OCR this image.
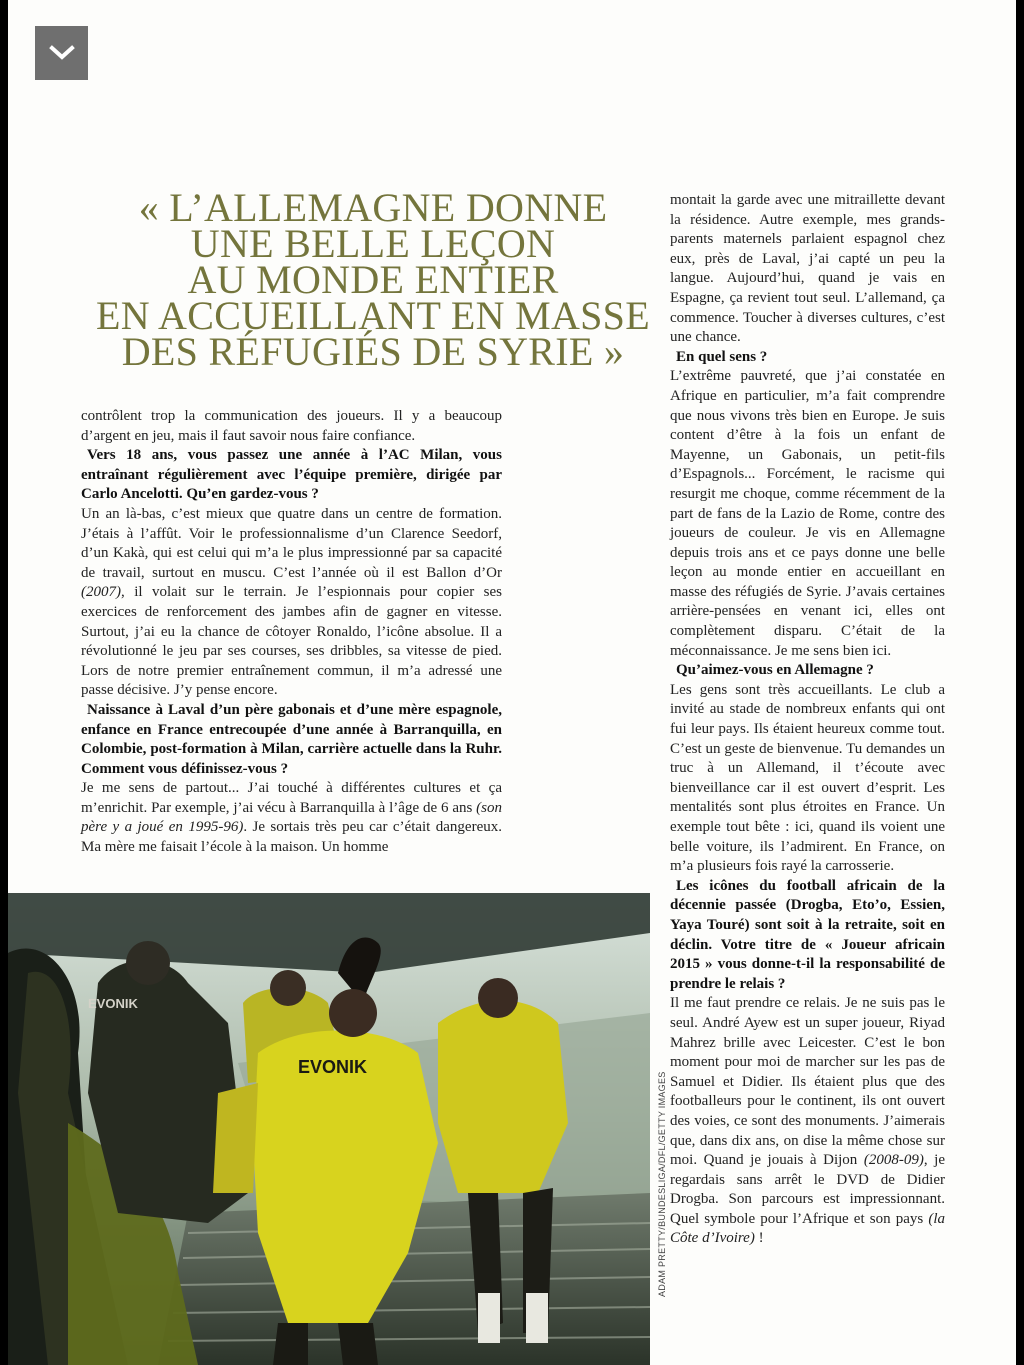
« L’ALLEMAGNE DONNE
UNE BELLE LEÇON
AU MONDE ENTIER
EN ACCUEILLANT EN MASSE
DES RÉFUGIÉS DE SYRIE »

contrôlent trop la communication des joueurs. Il y a beaucoup d’argent en jeu, mais il faut savoir nous faire confiance.

Vers 18 ans, vous passez une année à l’AC Milan, vous entraînant régulièrement avec l’équipe première, dirigée par Carlo Ancelotti. Qu’en gardez-vous ?

Un an là-bas, c’est mieux que quatre dans un centre de formation. J’étais à l’affût. Voir le professionnalisme d’un Clarence Seedorf, d’un Kakà, qui est celui qui m’a le plus impressionné par sa capacité de travail, surtout en muscu. C’est l’année où il est Ballon d’Or (2007), il volait sur le terrain. Je l’espionnais pour copier ses exercices de renforcement des jambes afin de gagner en vitesse. Surtout, j’ai eu la chance de côtoyer Ronaldo, l’icône absolue. Il a révolutionné le jeu par ses courses, ses dribbles, sa vitesse de pied. Lors de notre premier entraînement commun, il m’a adressé une passe décisive. J’y pense encore.

Naissance à Laval d’un père gabonais et d’une mère espagnole, enfance en France entrecoupée d’une année à Barranquilla, en Colombie, post-formation à Milan, carrière actuelle dans la Ruhr. Comment vous définissez-vous ?

Je me sens de partout... J’ai touché à différentes cultures et ça m’enrichit. Par exemple, j’ai vécu à Barranquilla à l’âge de 6 ans (son père y a joué en 1995-96). Je sortais très peu car c’était dangereux. Ma mère me faisait l’école à la maison. Un homme

montait la garde avec une mitraillette devant la résidence. Autre exemple, mes grands-parents maternels parlaient espagnol chez eux, près de Laval, j’ai capté un peu la langue. Aujourd’hui, quand je vais en Espagne, ça revient tout seul. L’allemand, ça commence. Toucher à diverses cultures, c’est une chance.

En quel sens ?

L’extrême pauvreté, que j’ai constatée en Afrique en particulier, m’a fait comprendre que nous vivons très bien en Europe. Je suis content d’être à la fois un enfant de Mayenne, un Gabonais, un petit-fils d’Espagnols... Forcément, le racisme qui resurgit me choque, comme récemment de la part de fans de la Lazio de Rome, contre des joueurs de couleur. Je vis en Allemagne depuis trois ans et ce pays donne une belle leçon au monde entier en accueillant en masse des réfugiés de Syrie. J’avais certaines arrière-pensées en venant ici, elles ont complètement disparu. C’était de la méconnaissance. Je me sens bien ici.

Qu’aimez-vous en Allemagne ?

Les gens sont très accueillants. Le club a invité au stade de nombreux enfants qui ont fui leur pays. Ils étaient heureux comme tout. C’est un geste de bienvenue. Tu demandes un truc à un Allemand, il t’écoute avec bienveillance car il est ouvert d’esprit. Les mentalités sont plus étroites en France. Un exemple tout bête : ici, quand ils voient une belle voiture, ils l’admirent. En France, on m’a plusieurs fois rayé la carrosserie.

Les icônes du football africain de la décennie passée (Drogba, Eto’o, Essien, Yaya Touré) sont soit à la retraite, soit en déclin. Votre titre de « Joueur africain 2015 » vous donne-t-il la responsabilité de prendre le relais ?

Il me faut prendre ce relais. Je ne suis pas le seul. André Ayew est un super joueur, Riyad Mahrez brille avec Leicester. C’est le bon moment pour moi de marcher sur les pas de Samuel et Didier. Ils étaient plus que des footballeurs pour le continent, ils ont ouvert des voies, ce sont des monuments. J’aimerais que, dans dix ans, on dise la même chose sur moi. Quand je jouais à Dijon (2008-09), je regardais sans arrêt le DVD de Didier Drogba. Son parcours est impressionnant. Quel symbole pour l’Afrique et son pays (la Côte d’Ivoire) !

EVONIK
EVONIK
ADAM PRETTY/BUNDESLIGA/DFL/GETTY IMAGES
